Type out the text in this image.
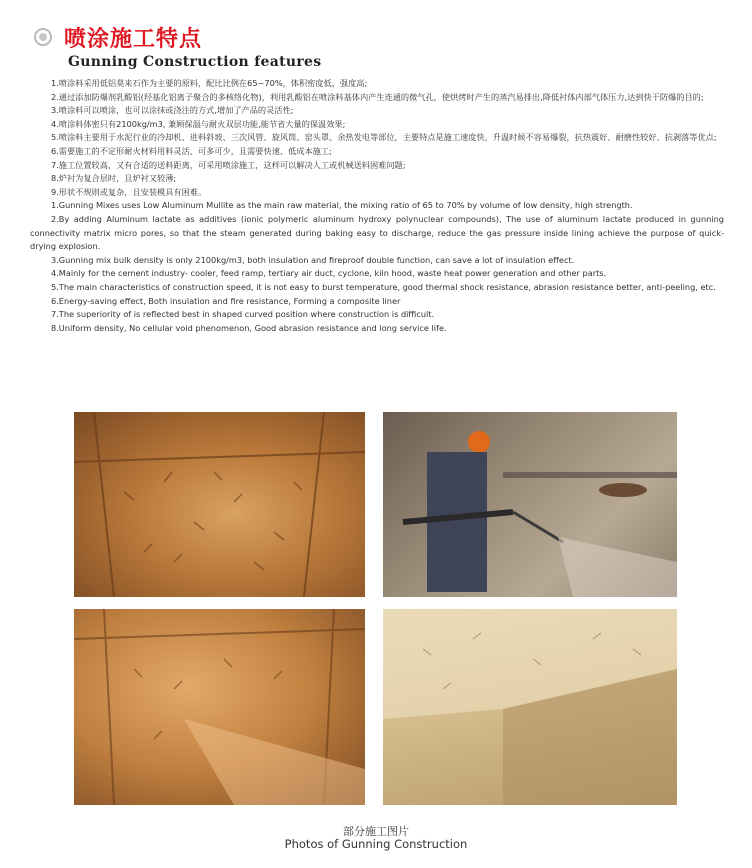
喷涂施工特点
Gunning Construction features

1.喷涂料采用低铝莫来石作为主要的原料，配比比例在65~70%，体积密度低，强度高;

2.通过添加防爆剂乳酸铝(羟基化铝离子聚合的多核络化物)，利用乳酸铝在喷涂料基体内产生连通的微气孔，使烘烤时产生的蒸汽易排出,降低衬体内部气体压力,达到快干防爆的目的;

3.喷涂料可以喷涂，也可以涂抹或浇注的方式,增加了产品的灵活性;

4.喷涂料体密只有2100kg/m3, 兼顾保温与耐火双层功能,能节省大量的保温效果;

5.喷涂料主要用于水泥行业的冷却机、进料斜坡、三次风管、旋风筒、窑头罩、余热发电等部位，主要特点是施工速度快，升温时候不容易爆裂，抗热震好、耐磨性较好、抗剥落等优点;

6.需要施工的不定形耐火材料用料灵活、可多可少，且需要快速、低成本施工;

7.施工位置较高，又有合适的送料距离，可采用喷涂施工，这样可以解决人工或机械送料困难问题;

8.炉衬为复合层时，且炉衬又较薄;

9.形状不规则或复杂，且安装模具有困难。

1.Gunning Mixes uses Low Aluminum Mullite as the main raw material, the mixing ratio of 65 to 70% by volume of low density, high strength.

2.By adding Aluminum lactate as additives (ionic polymeric aluminum hydroxy polynuclear compounds), The use of aluminum lactate produced in gunning connectivity matrix micro pores, so that the steam generated during baking easy to discharge, reduce the gas pressure inside lining achieve the purpose of quick-drying explosion.

3.Gunning mix bulk density is only 2100kg/m3, both insulation and fireproof double function, can save a lot of insulation effect.

4.Mainly for the cement industry- cooler, feed ramp, tertiary air duct, cyclone, kiln hood, waste heat power generation and other parts.

5.The main characteristics of construction speed, it is not easy to burst temperature, good thermal shock resistance, abrasion resistance better, anti-peeling, etc.

6.Energy-saving effect, Both insulation and fire resistance, Forming a composite liner

7.The superiority of is reflected best in shaped curved position where construction is difficult.

8.Uniform density, No cellular void phenomenon, Good abrasion resistance and long service life.

部分施工图片
Photos of Gunning Construction
